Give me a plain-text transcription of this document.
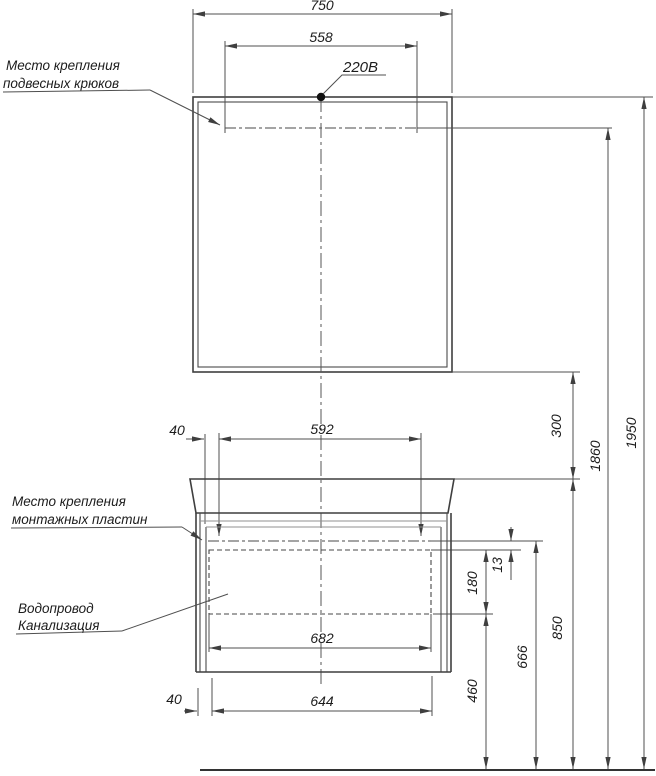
220В
750
558
Место крепления
подвесных крюков
1950
1860
300
850
666
13
180
460
40	592
Место крепления
монтажных пластин
Водопровод
Канализация
682
40	644
